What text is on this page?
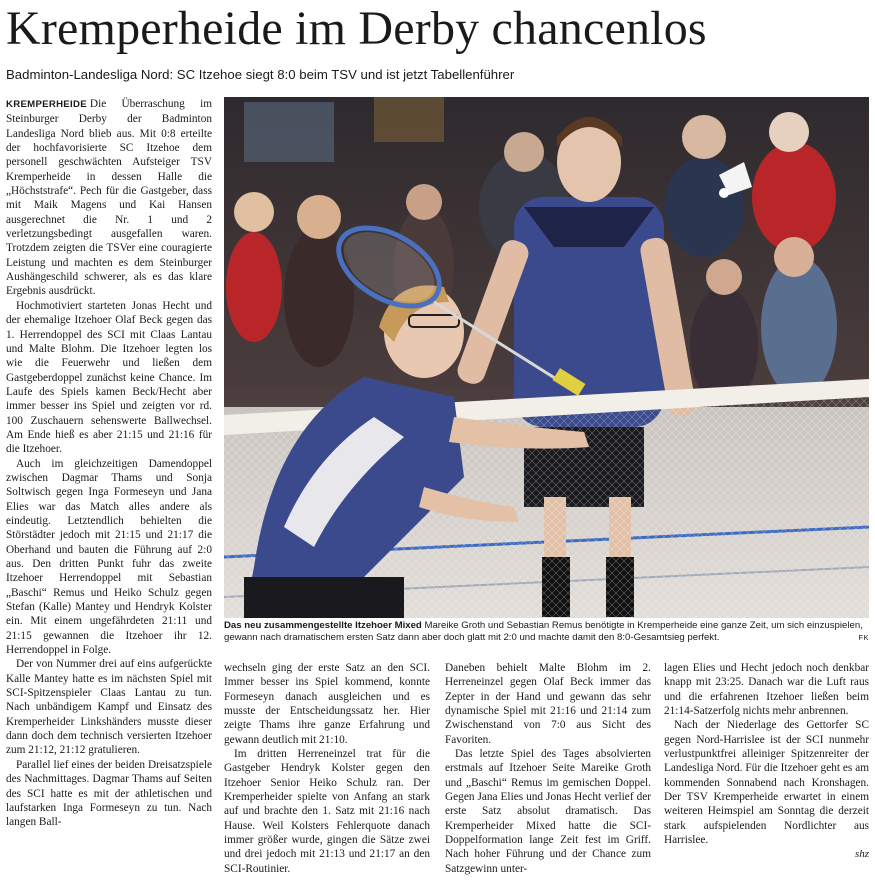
Kremperheide im Derby chancenlos
Badminton-Landesliga Nord: SC Itzehoe siegt 8:0 beim TSV und ist jetzt Tabellenführer

KREMPERHEIDE Die Überraschung im Steinburger Derby der Badminton Landesliga Nord blieb aus. Mit 0:8 erteilte der hochfavorisierte SC Itzehoe dem personell geschwächten Aufsteiger TSV Kremperheide in dessen Halle die „Höchststrafe“. Pech für die Gastgeber, dass mit Maik Magens und Kai Hansen ausgerechnet die Nr. 1 und 2 verletzungsbedingt ausgefallen waren. Trotzdem zeigten die TSVer eine couragierte Leistung und machten es dem Steinburger Aushängeschild schwerer, als es das klare Ergebnis ausdrückt.

Hochmotiviert starteten Jonas Hecht und der ehemalige Itzehoer Olaf Beck gegen das 1. Herrendoppel des SCI mit Claas Lantau und Malte Blohm. Die Itzehoer legten los wie die Feuerwehr und ließen dem Gastgeberdoppel zunächst keine Chance. Im Laufe des Spiels kamen Beck/Hecht aber immer besser ins Spiel und zeigten vor rd. 100 Zuschauern sehenswerte Ballwechsel. Am Ende hieß es aber 21:15 und 21:16 für die Itzehoer.

Auch im gleichzeitigen Damendoppel zwischen Dagmar Thams und Sonja Soltwisch gegen Inga Formeseyn und Jana Elies war das Match alles andere als eindeutig. Letztendlich behielten die Störstädter jedoch mit 21:15 und 21:17 die Oberhand und bauten die Führung auf 2:0 aus. Den dritten Punkt fuhr das zweite Itzehoer Herrendoppel mit Sebastian „Baschi“ Remus und Heiko Schulz gegen Stefan (Kalle) Mantey und Hendryk Kolster ein. Mit einem ungefährdeten 21:11 und 21:15 gewannen die Itzehoer ihr 12. Herrendoppel in Folge.

Der von Nummer drei auf eins aufgerückte Kalle Mantey hatte es im nächsten Spiel mit SCI-Spitzenspieler Claas Lantau zu tun. Nach unbändigem Kampf und Einsatz des Kremperheider Linkshänders musste dieser dann doch dem technisch versierten Itzehoer zum 21:12, 21:12 gratulieren.

Parallel lief eines der beiden Dreisatzspiele des Nachmittages. Dagmar Thams auf Seiten des SCI hatte es mit der athletischen und laufstarken Inga Formeseyn zu tun. Nach langen Ball-

Das neu zusammengestellte Itzehoer Mixed Mareike Groth und Sebastian Remus benötigte in Kremperheide eine ganze Zeit, um sich einzuspielen, gewann nach dramatischem ersten Satz dann aber doch glatt mit 2:0 und machte damit den 8:0-Gesamtsieg perfekt.	FK

wechseln ging der erste Satz an den SCI. Immer besser ins Spiel kommend, konnte Formeseyn danach ausgleichen und es musste der Entscheidungssatz her. Hier zeigte Thams ihre ganze Erfahrung und gewann deutlich mit 21:10.

Im dritten Herreneinzel trat für die Gastgeber Hendryk Kolster gegen den Itzehoer Senior Heiko Schulz ran. Der Kremperheider spielte von Anfang an stark auf und brachte den 1. Satz mit 21:16 nach Hause. Weil Kolsters Fehlerquote danach immer größer wurde, gingen die Sätze zwei und drei jedoch mit 21:13 und 21:17 an den SCI-Routinier.

Daneben behielt Malte Blohm im 2. Herreneinzel gegen Olaf Beck immer das Zepter in der Hand und gewann das sehr dynamische Spiel mit 21:16 und 21:14 zum Zwischenstand von 7:0 aus Sicht des Favoriten.

Das letzte Spiel des Tages absolvierten erstmals auf Itzehoer Seite Mareike Groth und „Baschi“ Remus im gemischen Doppel. Gegen Jana Elies und Jonas Hecht verlief der erste Satz absolut dramatisch. Das Kremperheider Mixed hatte die SCI-Doppelformation lange Zeit fest im Griff. Nach hoher Führung und der Chance zum Satzgewinn unter-

lagen Elies und Hecht jedoch noch denkbar knapp mit 23:25. Danach war die Luft raus und die erfahrenen Itzehoer ließen beim 21:14-Satzerfolg nichts mehr anbrennen.

Nach der Niederlage des Gettorfer SC gegen Nord-Harrislee ist der SCI nunmehr verlustpunktfrei alleiniger Spitzenreiter der Landesliga Nord. Für die Itzehoer geht es am kommenden Sonnabend nach Kronshagen. Der TSV Kremperheide erwartet in einem weiteren Heimspiel am Sonntag die derzeit stark aufspielenden Nordlichter aus Harrislee.

shz
